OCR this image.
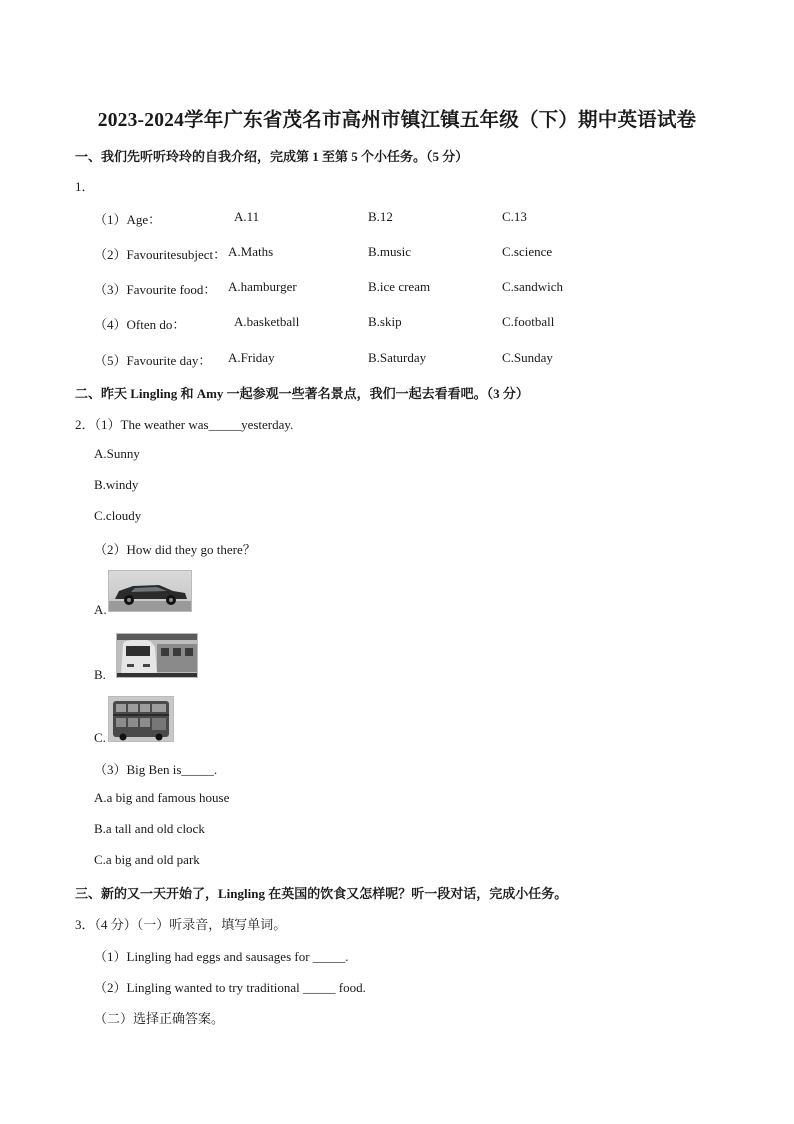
2023-2024学年广东省茂名市高州市镇江镇五年级（下）期中英语试卷
一、我们先听听玲玲的自我介绍，完成第 1 至第 5 个小任务。（5 分）
1．
（1）Age：	A.11	B.12	C.13
（2）Favouritesubject： A.Maths	B.music	C.science
（3）Favourite food： A.hamburger	B.ice cream	C.sandwich
（4）Often do：	A.basketball	B.skip	C.football
（5）Favourite day： A.Friday	B.Saturday	C.Sunday
二、昨天 Lingling 和 Amy 一起参观一些著名景点，我们一起去看看吧。（3 分）
2．（1）The weather was_____yesterday.
A.Sunny
B.windy
C.cloudy
（2）How did they go there？
A.
B.
C.
（3）Big Ben is_____.
A.a big and famous house
B.a tall and old clock
C.a big and old park
三、新的又一天开始了，Lingling 在英国的饮食又怎样呢？听一段对话，完成小任务。
3．（4 分）（一）听录音，填写单词。
（1）Lingling had eggs and sausages for _____.
（2）Lingling wanted to try traditional _____ food.
（二）选择正确答案。
